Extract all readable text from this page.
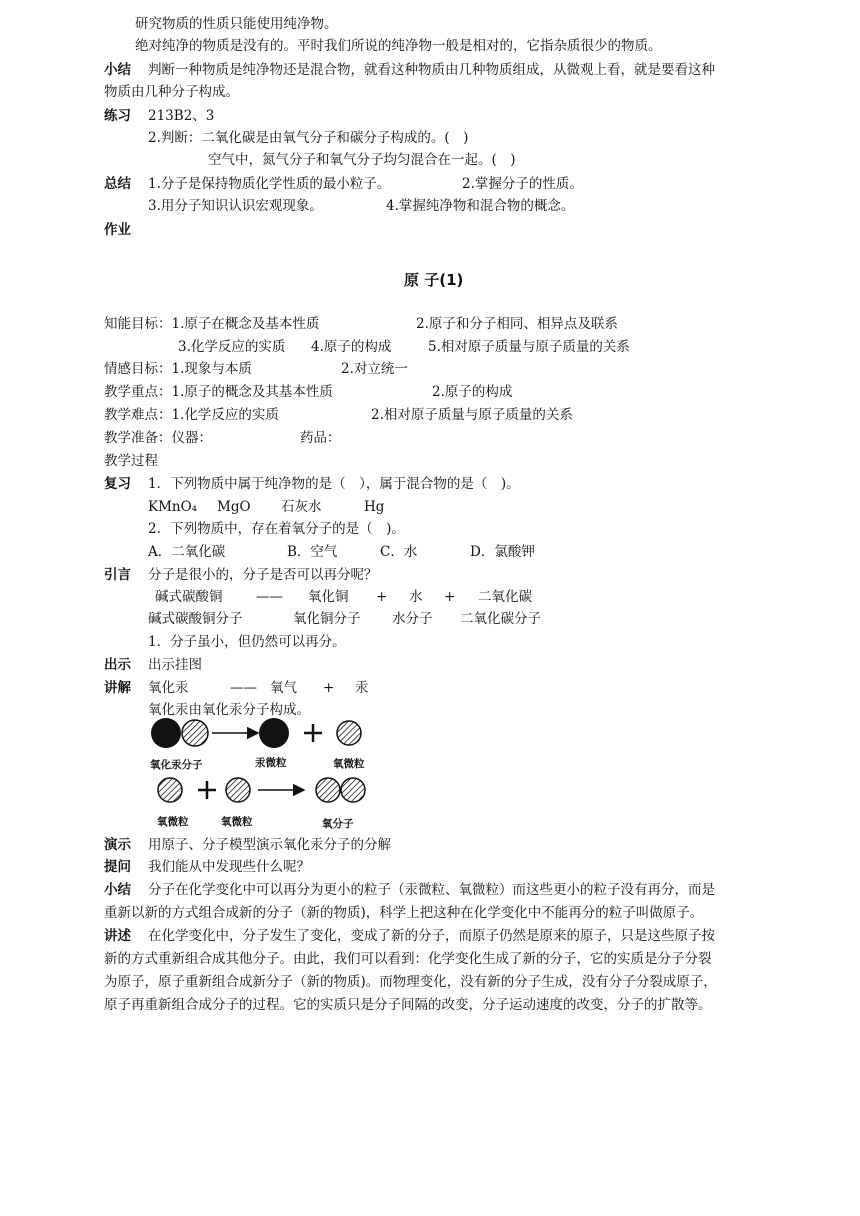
研究物质的性质只能使用纯净物。
绝对纯净的物质是没有的。平时我们所说的纯净物一般是相对的，它指杂质很少的物质。
小结 判断一种物质是纯净物还是混合物，就看这种物质由几种物质组成，从微观上看，就是要看这种
物质由几种分子构成。
练习 213B2、3
2.判断：二氧化碳是由氧气分子和碳分子构成的。(　)
空气中，氮气分子和氧气分子均匀混合在一起。(　)
总结 1.分子是保持物质化学性质的最小粒子。	2.掌握分子的性质。
3.用分子知识认识宏观现象。	4.掌握纯净物和混合物的概念。
作业
原 子(1)
知能目标：1.原子在概念及基本性质	2.原子和分子相同、相异点及联系
3.化学反应的实质 4.原子的构成	5.相对原子质量与原子质量的关系
情感目标：1.现象与本质	2.对立统一
教学重点：1.原子的概念及其基本性质	2.原子的构成
教学难点：1.化学反应的实质	2.相对原子质量与原子质量的关系
教学准备：仪器：	药品：
教学过程
复习 1．下列物质中属于纯净物的是（　），属于混合物的是（　)。
KMnO₄ MgO 石灰水	Hg
2．下列物质中，存在着氧分子的是（　)。
A．二氧化碳	B．空气	C．水	D．氯酸钾
引言 分子是很小的，分子是否可以再分呢？
碱式碳酸铜 —— 氧化铜 + 水 + 二氧化碳
碱式碳酸铜分子	氧化铜分子 水分子 二氧化碳分子
1．分子虽小，但仍然可以再分。
出示 出示挂图
讲解 氧化汞	—— 氧气 + 汞
氧化汞由氧化汞分子构成。
氧化汞分子	汞微粒	氧微粒
氧微粒	氧微粒	氧分子
演示 用原子、分子模型演示氧化汞分子的分解
提问 我们能从中发现些什么呢？
小结 分子在化学变化中可以再分为更小的粒子（汞微粒、氧微粒）而这些更小的粒子没有再分，而是
重新以新的方式组合成新的分子（新的物质)，科学上把这种在化学变化中不能再分的粒子叫做原子。
讲述 在化学变化中，分子发生了变化，变成了新的分子，而原子仍然是原来的原子，只是这些原子按
新的方式重新组合成其他分子。由此，我们可以看到：化学变化生成了新的分子，它的实质是分子分裂
为原子，原子重新组合成新分子（新的物质)。而物理变化，没有新的分子生成，没有分子分裂成原子，
原子再重新组合成分子的过程。它的实质只是分子间隔的改变，分子运动速度的改变，分子的扩散等。
